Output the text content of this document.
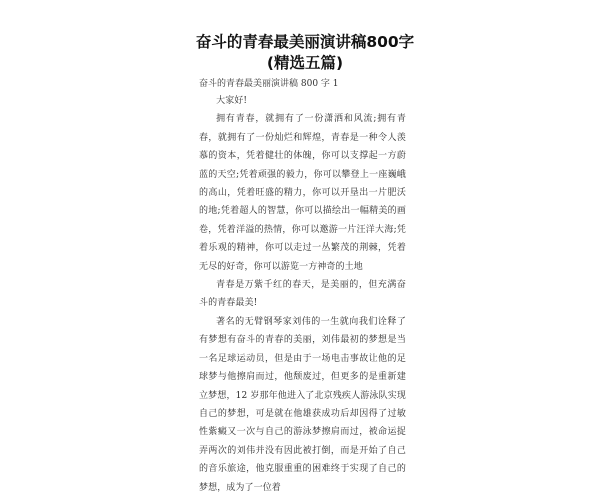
奋斗的青春最美丽演讲稿800字(精选五篇)
奋斗的青春最美丽演讲稿 800 字 1

大家好!

拥有青春，就拥有了一份潇洒和风流;拥有青春，就拥有了一份灿烂和辉煌，青春是一种令人羡慕的资本，凭着健壮的体魄，你可以支撑起一方蔚蓝的天空;凭着顽强的毅力，你可以攀登上一座巍峨的高山，凭着旺盛的精力，你可以开垦出一片肥沃的地;凭着超人的智慧，你可以描绘出一幅精美的画卷，凭着洋溢的热情，你可以邀游一片汪洋大海;凭着乐观的精神，你可以走过一丛繁茂的荆棘，凭着无尽的好奇，你可以游览一方神奇的土地

青春是万紫千红的春天，是美丽的，但充满奋斗的青春最美!

著名的无臂钢琴家刘伟的一生就向我们诠释了有梦想有奋斗的青春的美丽，刘伟最初的梦想是当一名足球运动员，但是由于一场电击事故让他的足球梦与他擦肩而过，他颓废过，但更多的是重新建立梦想，12 岁那年他进入了北京残疾人游泳队实现自己的梦想，可是就在他雄获成功后却因得了过敏性紫癜又一次与自己的游泳梦擦肩而过，被命运捉弄两次的刘伟并没有因此被打倒，而是开始了自己的音乐旅途，他克服重重的困难终于实现了自己的梦想，成为了一位着
